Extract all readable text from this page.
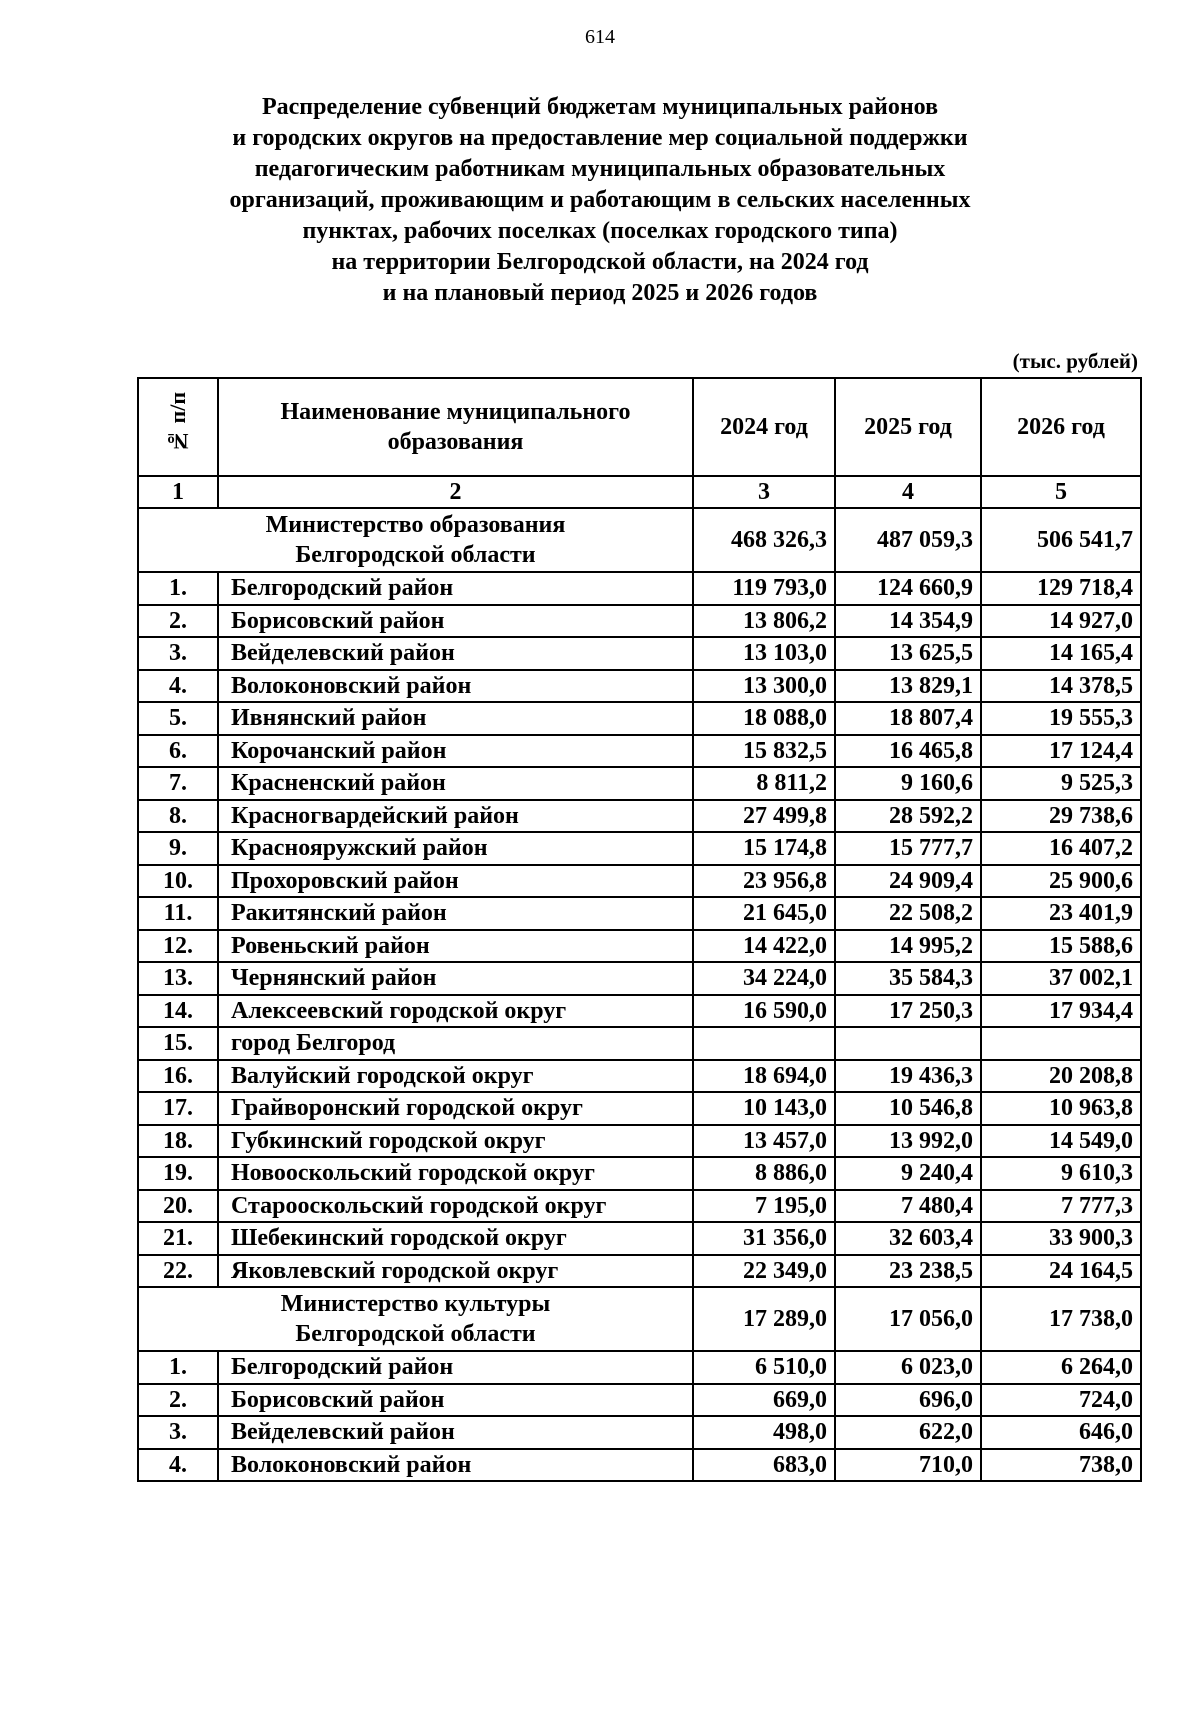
614
Распределение субвенций бюджетам муниципальных районов
и городских округов на предоставление мер социальной поддержки
педагогическим работникам муниципальных образовательных
организаций, проживающим и работающим в сельских населенных
пунктах, рабочих поселках (поселках городского типа)
на территории Белгородской области, на 2024 год
и на плановый период 2025 и 2026 годов
(тыс. рублей)
№ п/п	Наименование муниципального
образования	2024 год	2025 год	2026 год
1	2	3	4	5

Министерство образования
Белгородской области		468 326,3	487 059,3	506 541,7
1.	Белгородский район	119 793,0	124 660,9	129 718,4
2.	Борисовский район	13 806,2	14 354,9	14 927,0
3.	Вейделевский район	13 103,0	13 625,5	14 165,4
4.	Волоконовский район	13 300,0	13 829,1	14 378,5
5.	Ивнянский район	18 088,0	18 807,4	19 555,3
6.	Корочанский район	15 832,5	16 465,8	17 124,4
7.	Красненский район	8 811,2	9 160,6	9 525,3
8.	Красногвардейский район	27 499,8	28 592,2	29 738,6
9.	Краснояружский район	15 174,8	15 777,7	16 407,2
10.	Прохоровский район	23 956,8	24 909,4	25 900,6
11.	Ракитянский район	21 645,0	22 508,2	23 401,9
12.	Ровеньский район	14 422,0	14 995,2	15 588,6
13.	Чернянский район	34 224,0	35 584,3	37 002,1
14.	Алексеевский городской округ	16 590,0	17 250,3	17 934,4
15.	город Белгород			
16.	Валуйский городской округ	18 694,0	19 436,3	20 208,8
17.	Грайворонский городской округ	10 143,0	10 546,8	10 963,8
18.	Губкинский городской округ	13 457,0	13 992,0	14 549,0
19.	Новооскольский городской округ	8 886,0	9 240,4	9 610,3
20.	Старооскольский городской округ	7 195,0	7 480,4	7 777,3
21.	Шебекинский городской округ	31 356,0	32 603,4	33 900,3
22.	Яковлевский городской округ	22 349,0	23 238,5	24 164,5

Министерство культуры
Белгородской области		17 289,0	17 056,0	17 738,0
1.	Белгородский район	6 510,0	6 023,0	6 264,0
2.	Борисовский район	669,0	696,0	724,0
3.	Вейделевский район	498,0	622,0	646,0
4.	Волоконовский район	683,0	710,0	738,0
